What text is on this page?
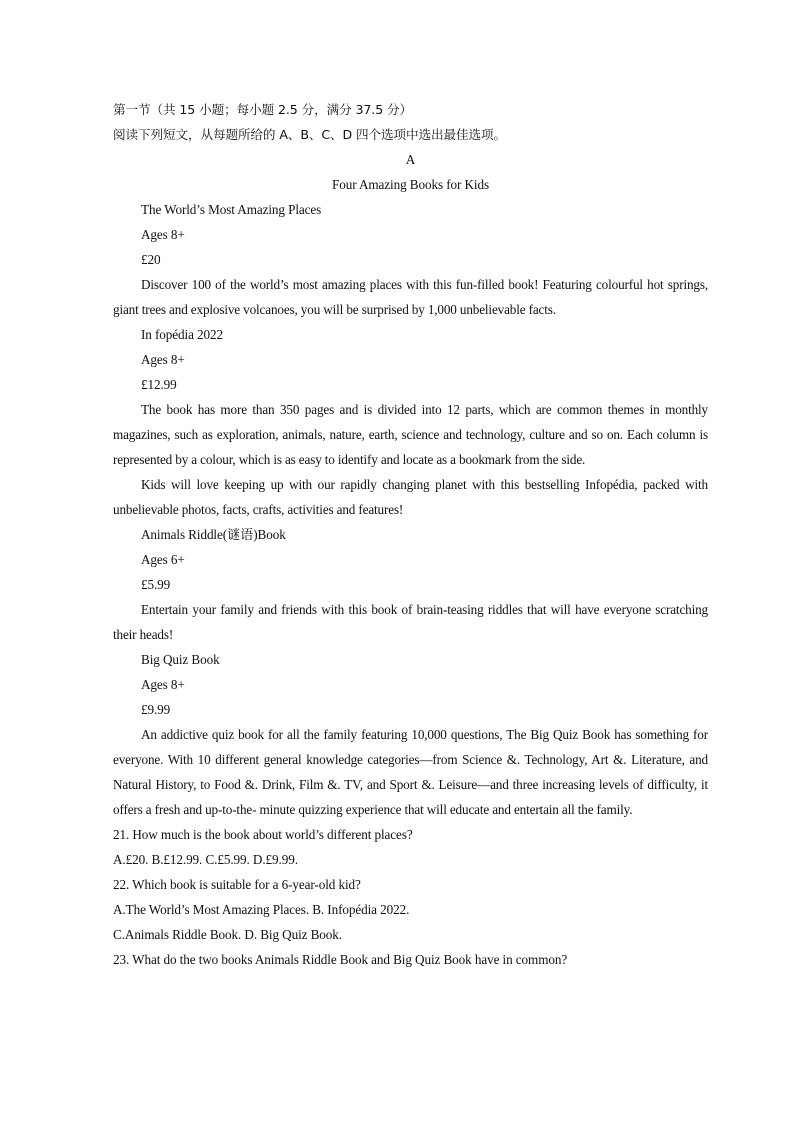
第一节（共 15 小题；每小题 2.5 分，满分 37.5 分）
阅读下列短文，从每题所给的 A、B、C、D 四个选项中选出最佳选项。
A
Four Amazing Books for Kids
The World’s Most Amazing Places
Ages 8+
£20
Discover 100 of the world’s most amazing places with this fun-filled book! Featuring colourful hot springs, giant trees and explosive volcanoes, you will be surprised by 1,000 unbelievable facts.
In fopédia 2022
Ages 8+
£12.99
The book has more than 350 pages and is divided into 12 parts, which are common themes in monthly magazines, such as exploration, animals, nature, earth, science and technology, culture and so on. Each column is represented by a colour, which is as easy to identify and locate as a bookmark from the side.
Kids will love keeping up with our rapidly changing planet with this bestselling Infopédia, packed with unbelievable photos, facts, crafts, activities and features!
Animals Riddle(谜语)Book
Ages 6+
£5.99
Entertain your family and friends with this book of brain-teasing riddles that will have everyone scratching their heads!
Big Quiz Book
Ages 8+
£9.99
An addictive quiz book for all the family featuring 10,000 questions, The Big Quiz Book has something for everyone. With 10 different general knowledge categories—from Science &. Technology, Art &. Literature, and Natural History, to Food &. Drink, Film &. TV, and Sport &. Leisure—and three increasing levels of difficulty, it offers a fresh and up-to-the- minute quizzing experience that will educate and entertain all the family.
21. How much is the book about world’s different places?
A.£20. B.£12.99. C.£5.99. D.£9.99.
22. Which book is suitable for a 6-year-old kid?
A.The World’s Most Amazing Places. B. Infopédia 2022.
C.Animals Riddle Book. D. Big Quiz Book.
23. What do the two books Animals Riddle Book and Big Quiz Book have in common?
